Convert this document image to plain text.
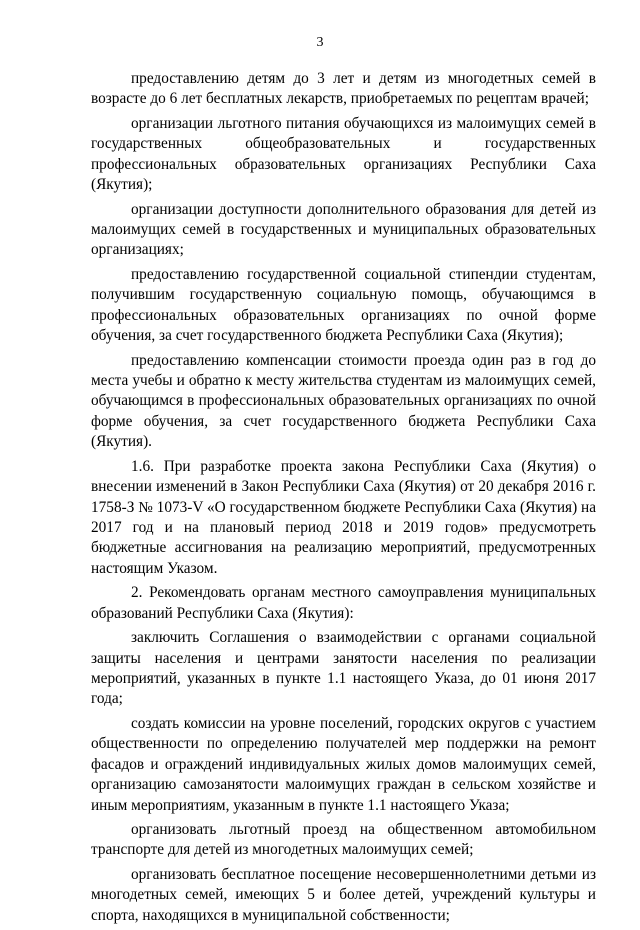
3

предоставлению детям до 3 лет и детям из многодетных семей в возрасте до 6 лет бесплатных лекарств, приобретаемых по рецептам врачей;

организации льготного питания обучающихся из малоимущих семей в государственных общеобразовательных и государственных профессиональных образовательных организациях Республики Саха (Якутия);

организации доступности дополнительного образования для детей из малоимущих семей в государственных и муниципальных образовательных организациях;

предоставлению государственной социальной стипендии студентам, получившим государственную социальную помощь, обучающимся в профессиональных образовательных организациях по очной форме обучения, за счет государственного бюджета Республики Саха (Якутия);

предоставлению компенсации стоимости проезда один раз в год до места учебы и обратно к месту жительства студентам из малоимущих семей, обучающимся в профессиональных образовательных организациях по очной форме обучения, за счет государственного бюджета Республики Саха (Якутия).

1.6. При разработке проекта закона Республики Саха (Якутия) о внесении изменений в Закон Республики Саха (Якутия) от 20 декабря 2016 г. 1758-З № 1073-V «О государственном бюджете Республики Саха (Якутия) на 2017 год и на плановый период 2018 и 2019 годов» предусмотреть бюджетные ассигнования на реализацию мероприятий, предусмотренных настоящим Указом.

2. Рекомендовать органам местного самоуправления муниципальных образований Республики Саха (Якутия):

заключить Соглашения о взаимодействии с органами социальной защиты населения и центрами занятости населения по реализации мероприятий, указанных в пункте 1.1 настоящего Указа, до 01 июня 2017 года;

создать комиссии на уровне поселений, городских округов с участием общественности по определению получателей мер поддержки на ремонт фасадов и ограждений индивидуальных жилых домов малоимущих семей, организацию самозанятости малоимущих граждан в сельском хозяйстве и иным мероприятиям, указанным в пункте 1.1 настоящего Указа;

организовать льготный проезд на общественном автомобильном транспорте для детей из многодетных малоимущих семей;

организовать бесплатное посещение несовершеннолетними детьми из многодетных семей, имеющих 5 и более детей, учреждений культуры и спорта, находящихся в муниципальной собственности;
